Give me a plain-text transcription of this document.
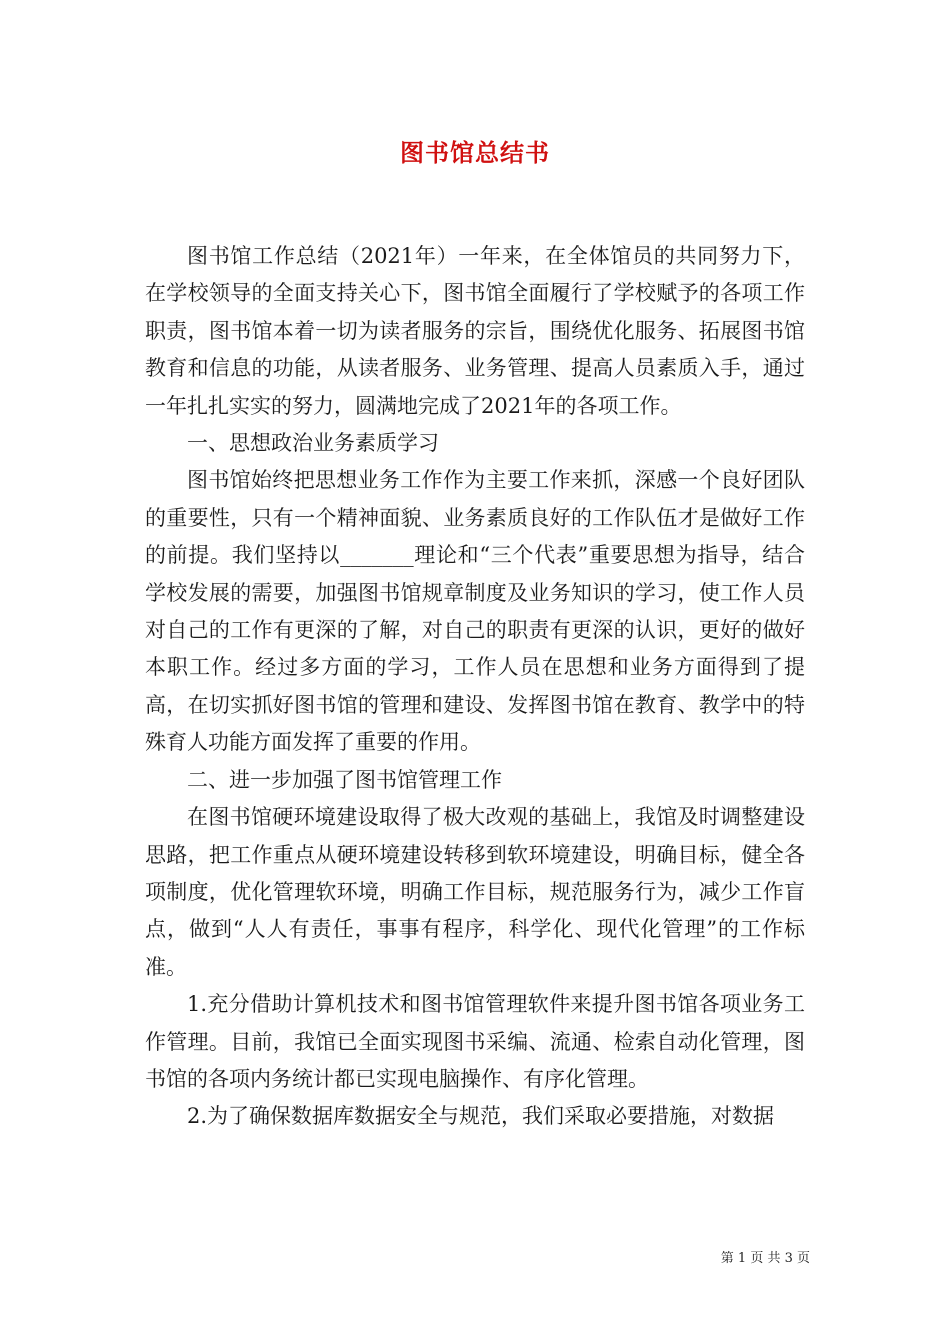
图书馆总结书

图书馆工作总结（2021年）一年来，在全体馆员的共同努力下，在学校领导的全面支持关心下，图书馆全面履行了学校赋予的各项工作职责，图书馆本着一切为读者服务的宗旨，围绕优化服务、拓展图书馆教育和信息的功能，从读者服务、业务管理、提高人员素质入手，通过一年扎扎实实的努力，圆满地完成了2021年的各项工作。

一、思想政治业务素质学习

图书馆始终把思想业务工作作为主要工作来抓，深感一个良好团队的重要性，只有一个精神面貌、业务素质良好的工作队伍才是做好工作的前提。我们坚持以_______理论和“三个代表”重要思想为指导，结合学校发展的需要，加强图书馆规章制度及业务知识的学习，使工作人员对自己的工作有更深的了解，对自己的职责有更深的认识，更好的做好本职工作。经过多方面的学习，工作人员在思想和业务方面得到了提高，在切实抓好图书馆的管理和建设、发挥图书馆在教育、教学中的特殊育人功能方面发挥了重要的作用。

二、进一步加强了图书馆管理工作

在图书馆硬环境建设取得了极大改观的基础上，我馆及时调整建设思路，把工作重点从硬环境建设转移到软环境建设，明确目标，健全各项制度，优化管理软环境，明确工作目标，规范服务行为，减少工作盲点，做到“人人有责任，事事有程序，科学化、现代化管理”的工作标准。

1.充分借助计算机技术和图书馆管理软件来提升图书馆各项业务工作管理。目前，我馆已全面实现图书采编、流通、检索自动化管理，图书馆的各项内务统计都已实现电脑操作、有序化管理。

2.为了确保数据库数据安全与规范，我们采取必要措施，对数据

第 1 页 共 3 页
